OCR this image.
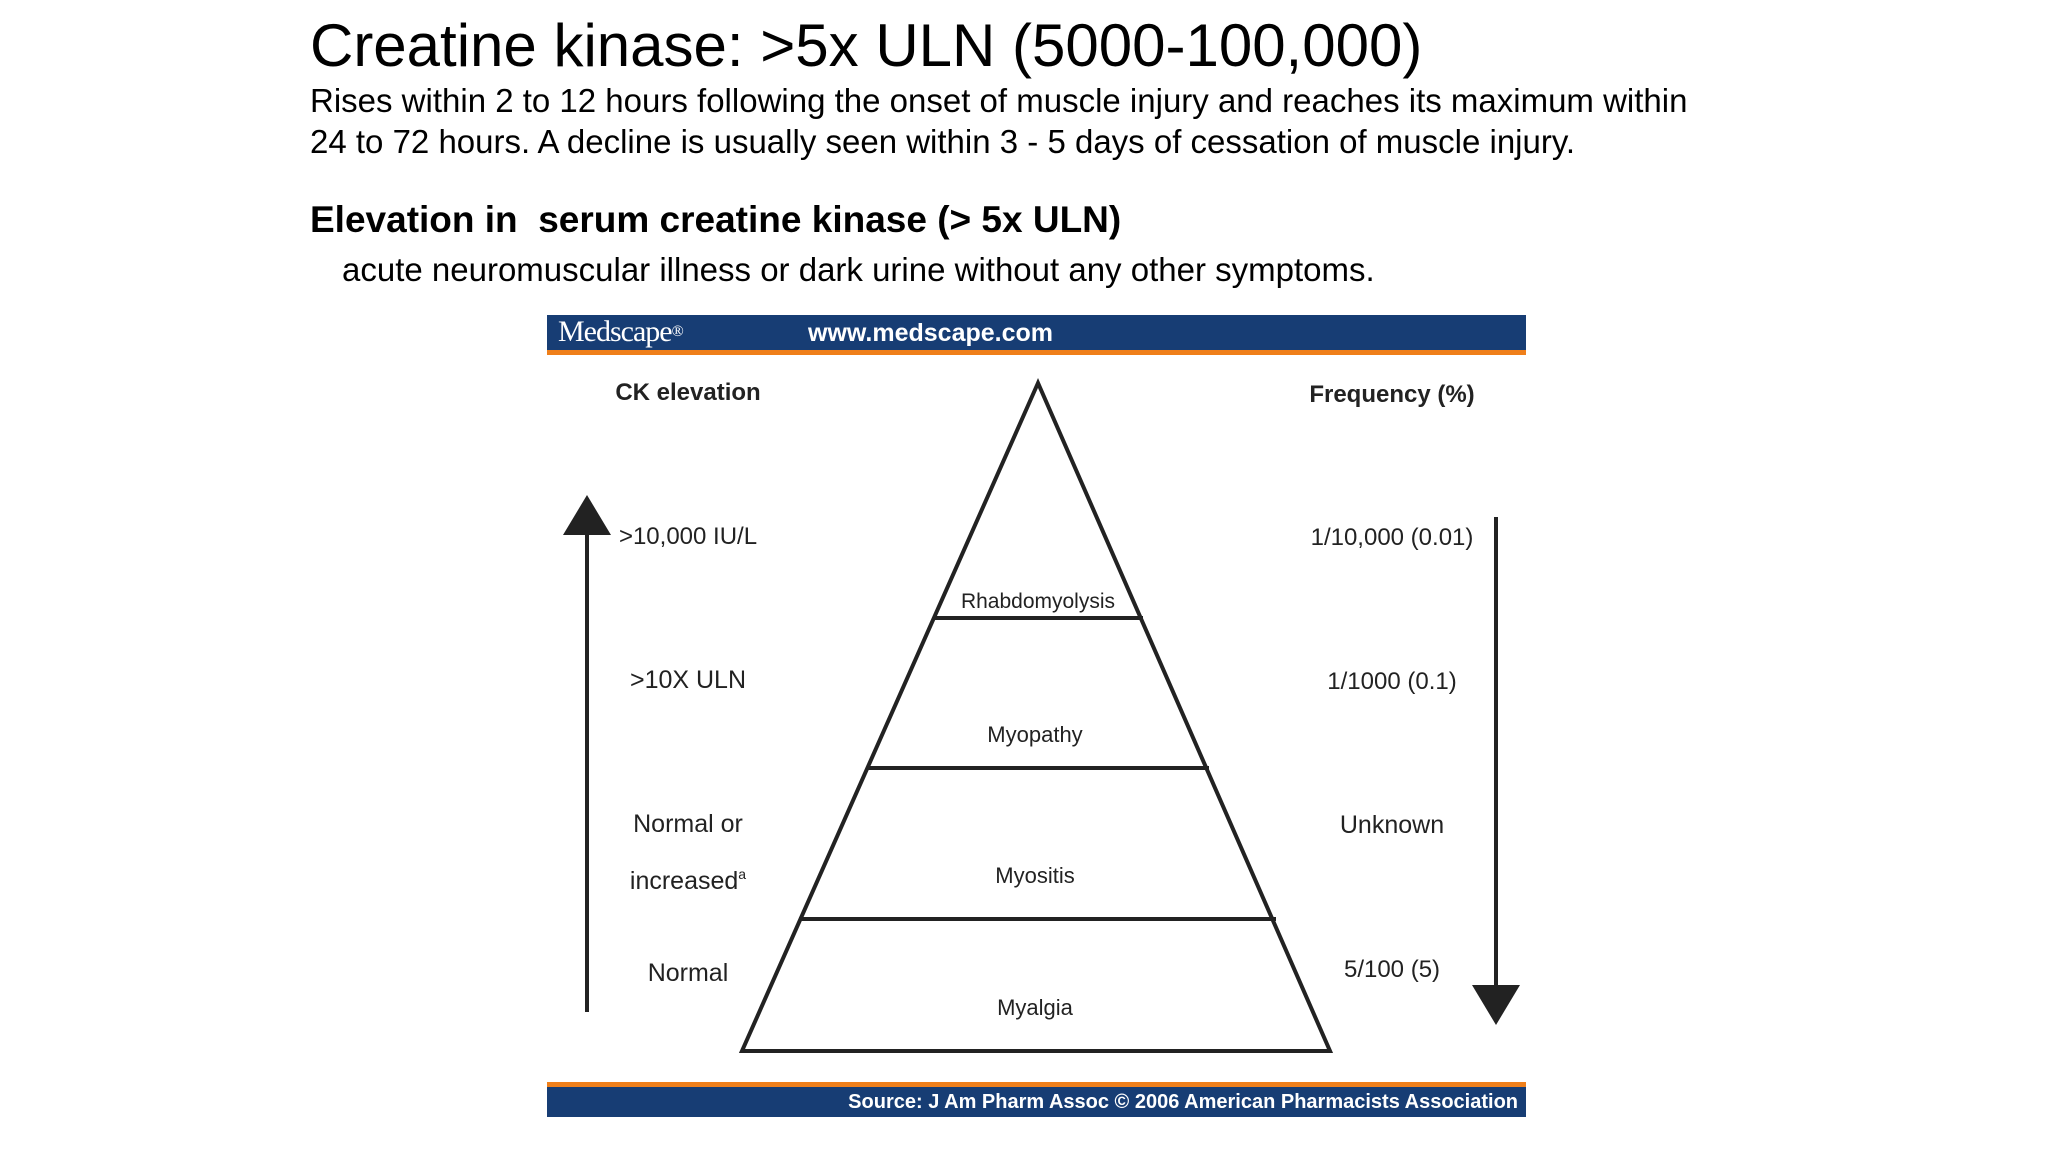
Creatine kinase: >5x ULN (5000-100,000)

Rises within 2 to 12 hours following the onset of muscle injury and reaches its maximum within
24 to 72 hours. A decline is usually seen within 3 - 5 days of cessation of muscle injury.

Elevation in  serum creatine kinase (> 5x ULN)

acute neuromuscular illness or dark urine without any other symptoms.

Medscape®	www.medscape.com
Rhabdomyolysis
Myopathy
Myositis
Myalgia
CK elevation	Frequency (%)
>10,000 IU/L
>10X ULN
Normal or
increased$^a$
Normal
1/10,000 (0.01)
1/1000 (0.1)
Unknown
5/100 (5)
Source: J Am Pharm Assoc © 2006 American Pharmacists Association
